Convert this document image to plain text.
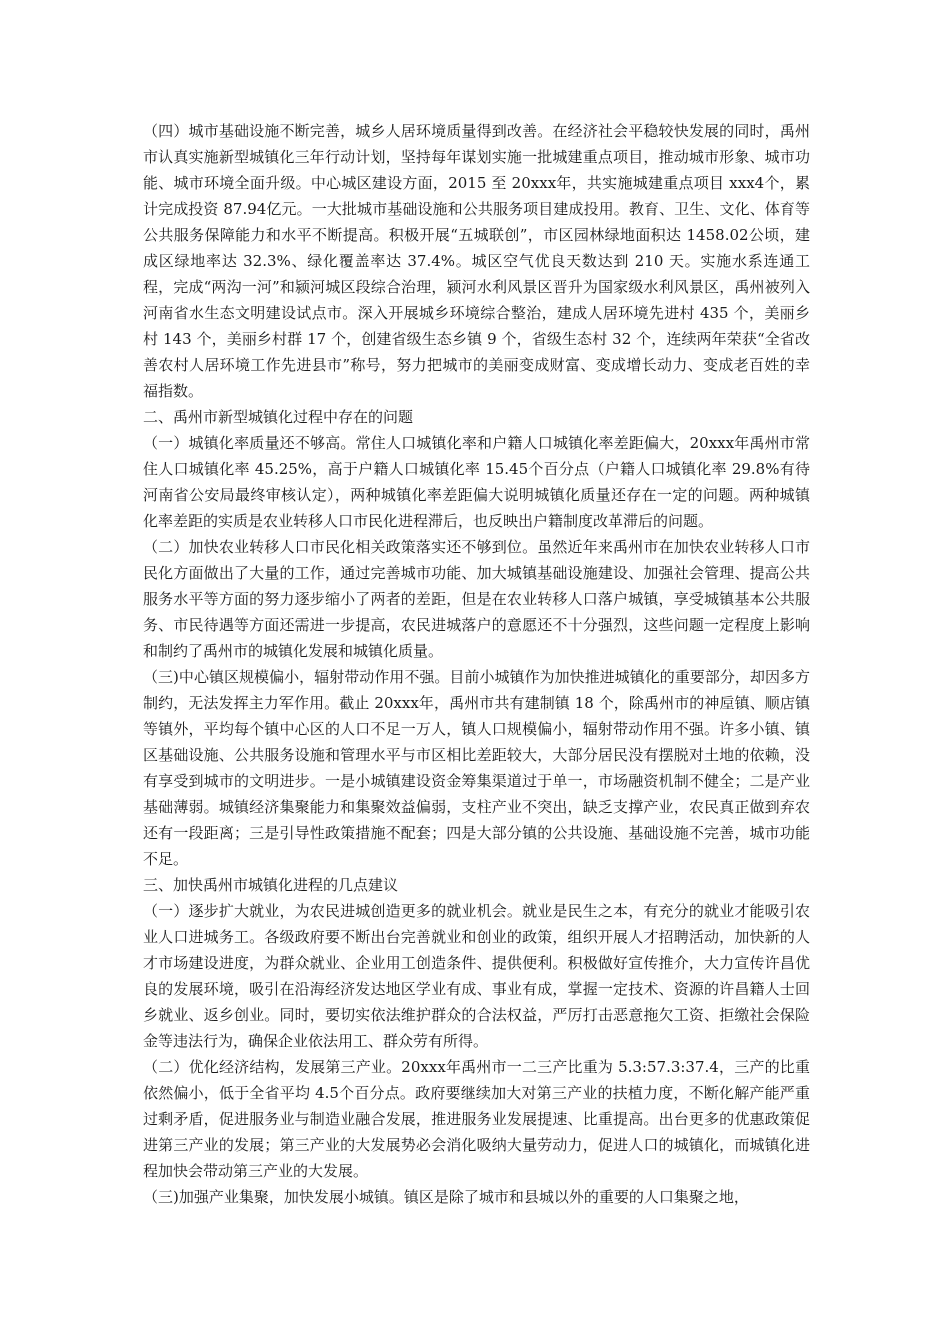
（四）城市基础设施不断完善，城乡人居环境质量得到改善。在经济社会平稳较快发展的同时，禹州市认真实施新型城镇化三年行动计划，坚持每年谋划实施一批城建重点项目，推动城市形象、城市功能、城市环境全面升级。中心城区建设方面，2015 至 20xxx年，共实施城建重点项目 xxx4个，累计完成投资 87.94亿元。一大批城市基础设施和公共服务项目建成投用。教育、卫生、文化、体育等公共服务保障能力和水平不断提高。积极开展“五城联创”，市区园林绿地面积达 1458.02公顷，建成区绿地率达 32.3%、绿化覆盖率达 37.4%。城区空气优良天数达到 210 天。实施水系连通工程，完成“两沟一河”和颍河城区段综合治理，颍河水利风景区晋升为国家级水利风景区，禹州被列入河南省水生态文明建设试点市。深入开展城乡环境综合整治，建成人居环境先进村 435 个，美丽乡村 143 个，美丽乡村群 17 个，创建省级生态乡镇 9 个，省级生态村 32 个，连续两年荣获“全省改善农村人居环境工作先进县市”称号，努力把城市的美丽变成财富、变成增长动力、变成老百姓的幸福指数。

二、禹州市新型城镇化过程中存在的问题

（一）城镇化率质量还不够高。常住人口城镇化率和户籍人口城镇化率差距偏大，20xxx年禹州市常住人口城镇化率 45.25%，高于户籍人口城镇化率 15.45个百分点（户籍人口城镇化率 29.8%有待河南省公安局最终审核认定），两种城镇化率差距偏大说明城镇化质量还存在一定的问题。两种城镇化率差距的实质是农业转移人口市民化进程滞后，也反映出户籍制度改革滞后的问题。

（二）加快农业转移人口市民化相关政策落实还不够到位。虽然近年来禹州市在加快农业转移人口市民化方面做出了大量的工作，通过完善城市功能、加大城镇基础设施建设、加强社会管理、提高公共服务水平等方面的努力逐步缩小了两者的差距，但是在农业转移人口落户城镇，享受城镇基本公共服务、市民待遇等方面还需进一步提高，农民进城落户的意愿还不十分强烈，这些问题一定程度上影响和制约了禹州市的城镇化发展和城镇化质量。

（三)中心镇区规模偏小，辐射带动作用不强。目前小城镇作为加快推进城镇化的重要部分，却因多方制约，无法发挥主力军作用。截止 20xxx年，禹州市共有建制镇 18 个，除禹州市的神垕镇、顺店镇等镇外，平均每个镇中心区的人口不足一万人，镇人口规模偏小，辐射带动作用不强。许多小镇、镇区基础设施、公共服务设施和管理水平与市区相比差距较大，大部分居民没有摆脱对土地的依赖，没有享受到城市的文明进步。一是小城镇建设资金筹集渠道过于单一，市场融资机制不健全；二是产业基础薄弱。城镇经济集聚能力和集聚效益偏弱，支柱产业不突出，缺乏支撑产业，农民真正做到弃农还有一段距离；三是引导性政策措施不配套；四是大部分镇的公共设施、基础设施不完善，城市功能不足。

三、加快禹州市城镇化进程的几点建议

（一）逐步扩大就业，为农民进城创造更多的就业机会。就业是民生之本，有充分的就业才能吸引农业人口进城务工。各级政府要不断出台完善就业和创业的政策，组织开展人才招聘活动，加快新的人才市场建设进度，为群众就业、企业用工创造条件、提供便利。积极做好宣传推介，大力宣传许昌优良的发展环境，吸引在沿海经济发达地区学业有成、事业有成，掌握一定技术、资源的许昌籍人士回乡就业、返乡创业。同时，要切实依法维护群众的合法权益，严厉打击恶意拖欠工资、拒缴社会保险金等违法行为，确保企业依法用工、群众劳有所得。

（二）优化经济结构，发展第三产业。20xxx年禹州市一二三产比重为 5.3:57.3:37.4，三产的比重依然偏小，低于全省平均 4.5个百分点。政府要继续加大对第三产业的扶植力度，不断化解产能严重过剩矛盾，促进服务业与制造业融合发展，推进服务业发展提速、比重提高。出台更多的优惠政策促进第三产业的发展；第三产业的大发展势必会消化吸纳大量劳动力，促进人口的城镇化，而城镇化进程加快会带动第三产业的大发展。

（三)加强产业集聚，加快发展小城镇。镇区是除了城市和县城以外的重要的人口集聚之地，
